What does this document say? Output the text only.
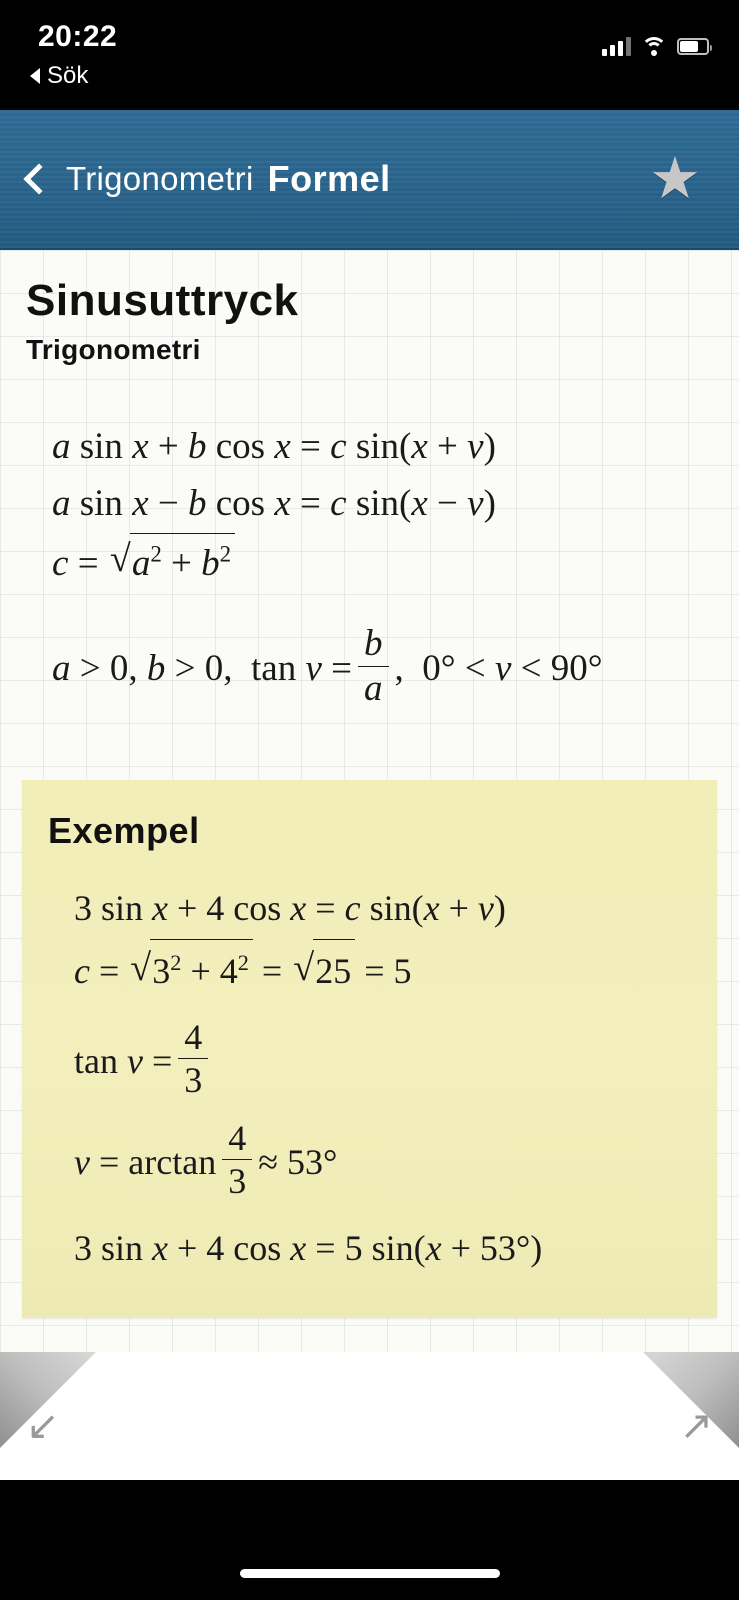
20:22
Sök
Trigonometri Formel	★
Sinusuttryck
Trigonometri
a sin x + b cos x = c sin(x + v)
a sin x − b cos x = c sin(x − v)
c = √ $a^2 + b^2$
a > 0, b > 0,  $\tan v = \frac{b}{a}$ , 0° < v < 90°
Exempel
3 sin x + 4 cos x = c sin(x + v)
c = √ $3^2 + 4^2$ = √ 25 = 5
tan
v
= $\frac{4}{3}$
v
=
$\arctan \frac{4}{3} \approx 53^\circ$
3 sin x + 4 cos x = 5 sin(x + 53°)
↙	↗
